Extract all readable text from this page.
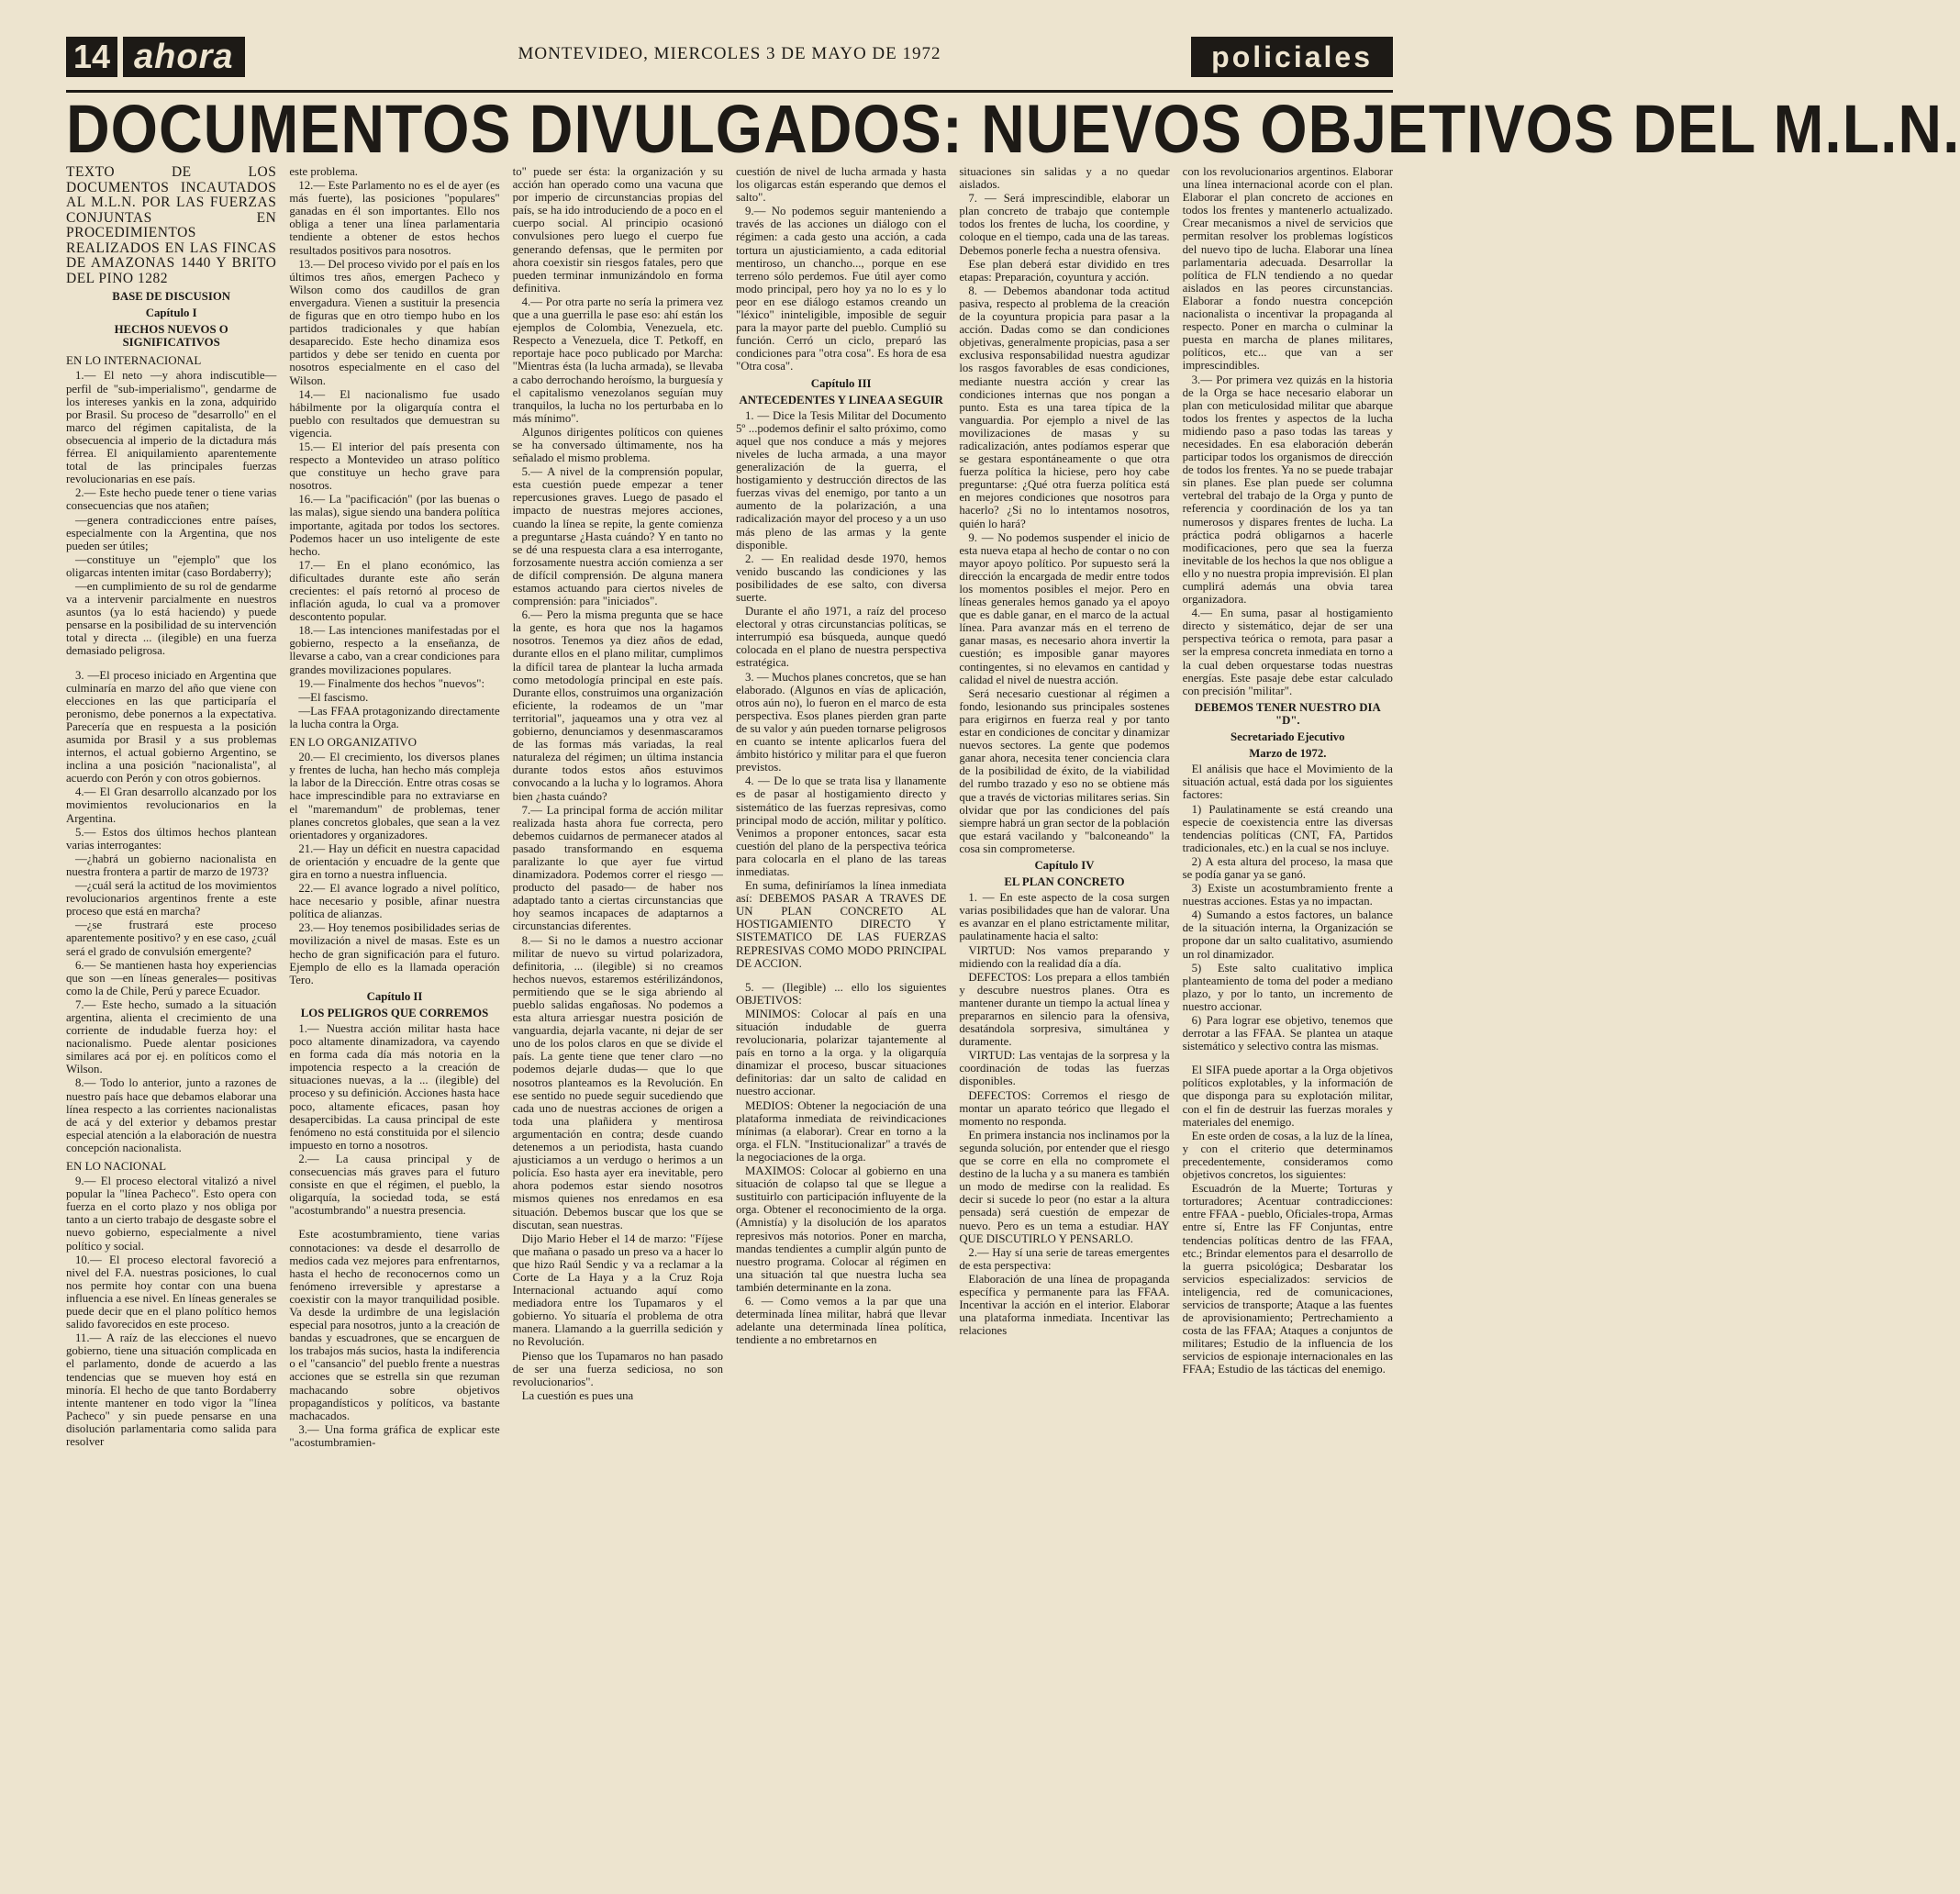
14 ahora	MONTEVIDEO, MIERCOLES 3 DE MAYO DE 1972	policiales
DOCUMENTOS DIVULGADOS: NUEVOS OBJETIVOS DEL M.L.N.

TEXTO DE LOS DOCUMENTOS INCAUTADOS AL M.L.N. POR LAS FUERZAS CONJUNTAS EN PROCEDIMIENTOS REALIZADOS EN LAS FINCAS DE AMAZONAS 1440 Y BRITO DEL PINO 1282

BASE DE DISCUSION

Capítulo I

HECHOS NUEVOS O SIGNIFICATIVOS

EN LO INTERNACIONAL

1.— El neto —y ahora indiscutible— perfil de "sub-imperialismo", gendarme de los intereses yankis en la zona, adquirido por Brasil. Su proceso de "desarrollo" en el marco del régimen capitalista, de la obsecuencia al imperio de la dictadura más férrea. El aniquilamiento aparentemente total de las principales fuerzas revolucionarias en ese país.

2.— Este hecho puede tener o tiene varias consecuencias que nos atañen;

—genera contradicciones entre países, especialmente con la Argentina, que nos pueden ser útiles;

—constituye un "ejemplo" que los oligarcas intenten imitar (caso Bordaberry);

—en cumplimiento de su rol de gendarme va a intervenir parcialmente en nuestros asuntos (ya lo está haciendo) y puede pensarse en la posibilidad de su intervención total y directa ... (ilegible) en una fuerza demasiado peligrosa.

3. —El proceso iniciado en Argentina que culminaría en marzo del año que viene con elecciones en las que participaría el peronismo, debe ponernos a la expectativa. Parecería que en respuesta a la posición asumida por Brasil y a sus problemas internos, el actual gobierno Argentino, se inclina a una posición "nacionalista", al acuerdo con Perón y con otros gobiernos.

4.— El Gran desarrollo alcanzado por los movimientos revolucionarios en la Argentina.

5.— Estos dos últimos hechos plantean varias interrogantes:

—¿habrá un gobierno nacionalista en nuestra frontera a partir de marzo de 1973?

—¿cuál será la actitud de los movimientos revolucionarios argentinos frente a este proceso que está en marcha?

—¿se frustrará este proceso aparentemente positivo? y en ese caso, ¿cuál será el grado de convulsión emergente?

6.— Se mantienen hasta hoy experiencias que son —en líneas generales— positivas como la de Chile, Perú y parece Ecuador.

7.— Este hecho, sumado a la situación argentina, alienta el crecimiento de una corriente de indudable fuerza hoy: el nacionalismo. Puede alentar posiciones similares acá por ej. en políticos como el Wilson.

8.— Todo lo anterior, junto a razones de nuestro país hace que debamos elaborar una línea respecto a las corrientes nacionalistas de acá y del exterior y debamos prestar especial atención a la elaboración de nuestra concepción nacionalista.

EN LO NACIONAL

9.— El proceso electoral vitalizó a nivel popular la "línea Pacheco". Esto opera con fuerza en el corto plazo y nos obliga por tanto a un cierto trabajo de desgaste sobre el nuevo gobierno, especialmente a nivel político y social.

10.— El proceso electoral favoreció a nivel del F.A. nuestras posiciones, lo cual nos permite hoy contar con una buena influencia a ese nivel. En líneas generales se puede decir que en el plano político hemos salido favorecidos en este proceso.

11.— A raíz de las elecciones el nuevo gobierno, tiene una situación complicada en el parlamento, donde de acuerdo a las tendencias que se mueven hoy está en minoría. El hecho de que tanto Bordaberry intente mantener en todo vigor la "línea Pacheco" y sin puede pensarse en una disolución parlamentaria como salida para resolver

este problema.

12.— Este Parlamento no es el de ayer (es más fuerte), las posiciones "populares" ganadas en él son importantes. Ello nos obliga a tener una línea parlamentaria tendiente a obtener de estos hechos resultados positivos para nosotros.

13.— Del proceso vivido por el país en los últimos tres años, emergen Pacheco y Wilson como dos caudillos de gran envergadura. Vienen a sustituir la presencia de figuras que en otro tiempo hubo en los partidos tradicionales y que habían desaparecido. Este hecho dinamiza esos partidos y debe ser tenido en cuenta por nosotros especialmente en el caso del Wilson.

14.— El nacionalismo fue usado hábilmente por la oligarquía contra el pueblo con resultados que demuestran su vigencia.

15.— El interior del país presenta con respecto a Montevideo un atraso político que constituye un hecho grave para nosotros.

16.— La "pacificación" (por las buenas o las malas), sigue siendo una bandera política importante, agitada por todos los sectores. Podemos hacer un uso inteligente de este hecho.

17.— En el plano económico, las dificultades durante este año serán crecientes: el país retornó al proceso de inflación aguda, lo cual va a promover descontento popular.

18.— Las intenciones manifestadas por el gobierno, respecto a la enseñanza, de llevarse a cabo, van a crear condiciones para grandes movilizaciones populares.

19.— Finalmente dos hechos "nuevos":

—El fascismo.

—Las FFAA protagonizando directamente la lucha contra la Orga.

EN LO ORGANIZATIVO

20.— El crecimiento, los diversos planes y frentes de lucha, han hecho más compleja la labor de la Dirección. Entre otras cosas se hace imprescindible para no extraviarse en el "maremandum" de problemas, tener planes concretos globales, que sean a la vez orientadores y organizadores.

21.— Hay un déficit en nuestra capacidad de orientación y encuadre de la gente que gira en torno a nuestra influencia.

22.— El avance logrado a nivel político, hace necesario y posible, afinar nuestra política de alianzas.

23.— Hoy tenemos posibilidades serias de movilización a nivel de masas. Este es un hecho de gran significación para el futuro. Ejemplo de ello es la llamada operación Tero.

Capítulo II

LOS PELIGROS QUE CORREMOS

1.— Nuestra acción militar hasta hace poco altamente dinamizadora, va cayendo en forma cada día más notoria en la impotencia respecto a la creación de situaciones nuevas, a la ... (ilegible) del proceso y su definición. Acciones hasta hace poco, altamente eficaces, pasan hoy desapercibidas. La causa principal de este fenómeno no está constituida por el silencio impuesto en torno a nosotros.

2.— La causa principal y de consecuencias más graves para el futuro consiste en que el régimen, el pueblo, la oligarquía, la sociedad toda, se está "acostumbrando" a nuestra presencia.

Este acostumbramiento, tiene varias connotaciones: va desde el desarrollo de medios cada vez mejores para enfrentarnos, hasta el hecho de reconocernos como un fenómeno irreversible y aprestarse a coexistir con la mayor tranquilidad posible. Va desde la urdimbre de una legislación especial para nosotros, junto a la creación de bandas y escuadrones, que se encarguen de los trabajos más sucios, hasta la indiferencia o el "cansancio" del pueblo frente a nuestras acciones que se estrella sin que rezuman machacando sobre objetivos propagandísticos y políticos, va bastante machacados.

3.— Una forma gráfica de explicar este "acostumbramien-

to" puede ser ésta: la organización y su acción han operado como una vacuna que por imperio de circunstancias propias del país, se ha ido introduciendo de a poco en el cuerpo social. Al principio ocasionó convulsiones pero luego el cuerpo fue generando defensas, que le permiten por ahora coexistir sin riesgos fatales, pero que pueden terminar inmunizándolo en forma definitiva.

4.— Por otra parte no sería la primera vez que a una guerrilla le pase eso: ahí están los ejemplos de Colombia, Venezuela, etc. Respecto a Venezuela, dice T. Petkoff, en reportaje hace poco publicado por Marcha: "Mientras ésta (la lucha armada), se llevaba a cabo derrochando heroísmo, la burguesía y el capitalismo venezolanos seguían muy tranquilos, la lucha no los perturbaba en lo más mínimo".

Algunos dirigentes políticos con quienes se ha conversado últimamente, nos ha señalado el mismo problema.

5.— A nivel de la comprensión popular, esta cuestión puede empezar a tener repercusiones graves. Luego de pasado el impacto de nuestras mejores acciones, cuando la línea se repite, la gente comienza a preguntarse ¿Hasta cuándo? Y en tanto no se dé una respuesta clara a esa interrogante, forzosamente nuestra acción comienza a ser de difícil comprensión. De alguna manera estamos actuando para ciertos niveles de comprensión: para "iniciados".

6.— Pero la misma pregunta que se hace la gente, es hora que nos la hagamos nosotros. Tenemos ya diez años de edad, durante ellos en el plano militar, cumplimos la difícil tarea de plantear la lucha armada como metodología principal en este país. Durante ellos, construimos una organización eficiente, la rodeamos de un "mar territorial", jaqueamos una y otra vez al gobierno, denunciamos y desenmascaramos de las formas más variadas, la real naturaleza del régimen; un última instancia durante todos estos años estuvimos convocando a la lucha y lo logramos. Ahora bien ¿hasta cuándo?

7.— La principal forma de acción militar realizada hasta ahora fue correcta, pero debemos cuidarnos de permanecer atados al pasado transformando en esquema paralizante lo que ayer fue virtud dinamizadora. Podemos correr el riesgo —producto del pasado— de haber nos adaptado tanto a ciertas circunstancias que hoy seamos incapaces de adaptarnos a circunstancias diferentes.

8.— Si no le damos a nuestro accionar militar de nuevo su virtud polarizadora, definitoria, ... (ilegible) si no creamos hechos nuevos, estaremos estérilizándonos, permitiendo que se le siga abriendo al pueblo salidas engañosas. No podemos a esta altura arriesgar nuestra posición de vanguardia, dejarla vacante, ni dejar de ser uno de los polos claros en que se divide el país. La gente tiene que tener claro —no podemos dejarle dudas— que lo que nosotros planteamos es la Revolución. En ese sentido no puede seguir sucediendo que cada uno de nuestras acciones de origen a toda una plañidera y mentirosa argumentación en contra; desde cuando detenemos a un periodista, hasta cuando ajusticiamos a un verdugo o herimos a un policía. Eso hasta ayer era inevitable, pero ahora podemos estar siendo nosotros mismos quienes nos enredamos en esa situación. Debemos buscar que los que se discutan, sean nuestras.

Dijo Mario Heber el 14 de marzo: "Fíjese que mañana o pasado un preso va a hacer lo que hizo Raúl Sendic y va a reclamar a la Corte de La Haya y a la Cruz Roja Internacional actuando aquí como mediadora entre los Tupamaros y el gobierno. Yo situaría el problema de otra manera. Llamando a la guerrilla sedición y no Revolución.

Pienso que los Tupamaros no han pasado de ser una fuerza sediciosa, no son revolucionarios".

La cuestión es pues una

cuestión de nivel de lucha armada y hasta los oligarcas están esperando que demos el salto".

9.— No podemos seguir manteniendo a través de las acciones un diálogo con el régimen: a cada gesto una acción, a cada tortura un ajusticiamiento, a cada editorial mentiroso, un chancho..., porque en ese terreno sólo perdemos. Fue útil ayer como modo principal, pero hoy ya no lo es y lo peor en ese diálogo estamos creando un "léxico" ininteligible, imposible de seguir para la mayor parte del pueblo. Cumplió su función. Cerró un ciclo, preparó las condiciones para "otra cosa". Es hora de esa "Otra cosa".

Capítulo III

ANTECEDENTES Y LINEA A SEGUIR

1. — Dice la Tesis Militar del Documento 5º ...podemos definir el salto próximo, como aquel que nos conduce a más y mejores niveles de lucha armada, a una mayor generalización de la guerra, el hostigamiento y destrucción directos de las fuerzas vivas del enemigo, por tanto a un aumento de la polarización, a una radicalización mayor del proceso y a un uso más pleno de las armas y la gente disponible.

2. — En realidad desde 1970, hemos venido buscando las condiciones y las posibilidades de ese salto, con diversa suerte.

Durante el año 1971, a raíz del proceso electoral y otras circunstancias políticas, se interrumpió esa búsqueda, aunque quedó colocada en el plano de nuestra perspectiva estratégica.

3. — Muchos planes concretos, que se han elaborado. (Algunos en vías de aplicación, otros aún no), lo fueron en el marco de esta perspectiva. Esos planes pierden gran parte de su valor y aún pueden tornarse peligrosos en cuanto se intente aplicarlos fuera del ámbito histórico y militar para el que fueron previstos.

4. — De lo que se trata lisa y llanamente es de pasar al hostigamiento directo y sistemático de las fuerzas represivas, como principal modo de acción, militar y político. Venimos a proponer entonces, sacar esta cuestión del plano de la perspectiva teórica para colocarla en el plano de las tareas inmediatas.

En suma, definiríamos la línea inmediata así: DEBEMOS PASAR A TRAVES DE UN PLAN CONCRETO AL HOSTIGAMIENTO DIRECTO Y SISTEMATICO DE LAS FUERZAS REPRESIVAS COMO MODO PRINCIPAL DE ACCION.

5. — (Ilegible) ... ello los siguientes OBJETIVOS:

MINIMOS: Colocar al país en una situación indudable de guerra revolucionaria, polarizar tajantemente al país en torno a la orga. y la oligarquía dinamizar el proceso, buscar situaciones definitorias: dar un salto de calidad en nuestro accionar.

MEDIOS: Obtener la negociación de una plataforma inmediata de reivindicaciones mínimas (a elaborar). Crear en torno a la orga. el FLN. "Institucionalizar" a través de la negociaciones de la orga.

MAXIMOS: Colocar al gobierno en una situación de colapso tal que se llegue a sustituirlo con participación influyente de la orga. Obtener el reconocimiento de la orga. (Amnistía) y la disolución de los aparatos represivos más notorios. Poner en marcha, mandas tendientes a cumplir algún punto de nuestro programa. Colocar al régimen en una situación tal que nuestra lucha sea también determinante en la zona.

6. — Como vemos a la par que una determinada línea militar, habrá que llevar adelante una determinada línea política, tendiente a no embretarnos en

situaciones sin salidas y a no quedar aislados.

7. — Será imprescindible, elaborar un plan concreto de trabajo que contemple todos los frentes de lucha, los coordine, y coloque en el tiempo, cada una de las tareas. Debemos ponerle fecha a nuestra ofensiva.

Ese plan deberá estar dividido en tres etapas: Preparación, coyuntura y acción.

8. — Debemos abandonar toda actitud pasiva, respecto al problema de la creación de la coyuntura propicia para pasar a la acción. Dadas como se dan condiciones objetivas, generalmente propicias, pasa a ser exclusiva responsabilidad nuestra agudizar los rasgos favorables de esas condiciones, mediante nuestra acción y crear las condiciones internas que nos pongan a punto. Esta es una tarea típica de la vanguardia. Por ejemplo a nivel de las movilizaciones de masas y su radicalización, antes podíamos esperar que se gestara espontáneamente o que otra fuerza política la hiciese, pero hoy cabe preguntarse: ¿Qué otra fuerza política está en mejores condiciones que nosotros para hacerlo? ¿Si no lo intentamos nosotros, quién lo hará?

9. — No podemos suspender el inicio de esta nueva etapa al hecho de contar o no con mayor apoyo político. Por supuesto será la dirección la encargada de medir entre todos los momentos posibles el mejor. Pero en líneas generales hemos ganado ya el apoyo que es dable ganar, en el marco de la actual línea. Para avanzar más en el terreno de ganar masas, es necesario ahora invertir la cuestión; es imposible ganar mayores contingentes, si no elevamos en cantidad y calidad el nivel de nuestra acción.

Será necesario cuestionar al régimen a fondo, lesionando sus principales sostenes para erigirnos en fuerza real y por tanto estar en condiciones de concitar y dinamizar nuevos sectores. La gente que podemos ganar ahora, necesita tener conciencia clara de la posibilidad de éxito, de la viabilidad del rumbo trazado y eso no se obtiene más que a través de victorias militares serias. Sin olvidar que por las condiciones del país siempre habrá un gran sector de la población que estará vacilando y "balconeando" la cosa sin comprometerse.

Capítulo IV

EL PLAN CONCRETO

1. — En este aspecto de la cosa surgen varias posibilidades que han de valorar. Una es avanzar en el plano estrictamente militar, paulatinamente hacia el salto:

VIRTUD: Nos vamos preparando y midiendo con la realidad día a día.

DEFECTOS: Los prepara a ellos también y descubre nuestros planes. Otra es mantener durante un tiempo la actual línea y prepararnos en silencio para la ofensiva, desatándola sorpresiva, simultánea y duramente.

VIRTUD: Las ventajas de la sorpresa y la coordinación de todas las fuerzas disponibles.

DEFECTOS: Corremos el riesgo de montar un aparato teórico que llegado el momento no responda.

En primera instancia nos inclinamos por la segunda solución, por entender que el riesgo que se corre en ella no compromete el destino de la lucha y a su manera es también un modo de medirse con la realidad. Es decir si sucede lo peor (no estar a la altura pensada) será cuestión de empezar de nuevo. Pero es un tema a estudiar. HAY QUE DISCUTIRLO Y PENSARLO.

2.— Hay sí una serie de tareas emergentes de esta perspectiva:

Elaboración de una línea de propaganda específica y permanente para las FFAA. Incentivar la acción en el interior. Elaborar una plataforma inmediata. Incentivar las relaciones

con los revolucionarios argentinos. Elaborar una línea internacional acorde con el plan. Elaborar el plan concreto de acciones en todos los frentes y mantenerlo actualizado. Crear mecanismos a nivel de servicios que permitan resolver los problemas logísticos del nuevo tipo de lucha. Elaborar una línea parlamentaria adecuada. Desarrollar la política de FLN tendiendo a no quedar aislados en las peores circunstancias. Elaborar a fondo nuestra concepción nacionalista o incentivar la propaganda al respecto. Poner en marcha o culminar la puesta en marcha de planes militares, políticos, etc... que van a ser imprescindibles.

3.— Por primera vez quizás en la historia de la Orga se hace necesario elaborar un plan con meticulosidad militar que abarque todos los frentes y aspectos de la lucha midiendo paso a paso todas las tareas y necesidades. En esa elaboración deberán participar todos los organismos de dirección de todos los frentes. Ya no se puede trabajar sin planes. Ese plan puede ser columna vertebral del trabajo de la Orga y punto de referencia y coordinación de los ya tan numerosos y dispares frentes de lucha. La práctica podrá obligarnos a hacerle modificaciones, pero que sea la fuerza inevitable de los hechos la que nos obligue a ello y no nuestra propia imprevisión. El plan cumplirá además una obvia tarea organizadora.

4.— En suma, pasar al hostigamiento directo y sistemático, dejar de ser una perspectiva teórica o remota, para pasar a ser la empresa concreta inmediata en torno a la cual deben orquestarse todas nuestras energías. Este pasaje debe estar calculado con precisión "militar".

DEBEMOS TENER NUESTRO DIA "D".

Secretariado Ejecutivo

Marzo de 1972.

El análisis que hace el Movimiento de la situación actual, está dada por los siguientes factores:

1) Paulatinamente se está creando una especie de coexistencia entre las diversas tendencias políticas (CNT, FA, Partidos tradicionales, etc.) en la cual se nos incluye.

2) A esta altura del proceso, la masa que se podía ganar ya se ganó.

3) Existe un acostumbramiento frente a nuestras acciones. Estas ya no impactan.

4) Sumando a estos factores, un balance de la situación interna, la Organización se propone dar un salto cualitativo, asumiendo un rol dinamizador.

5) Este salto cualitativo implica planteamiento de toma del poder a mediano plazo, y por lo tanto, un incremento de nuestro accionar.

6) Para lograr ese objetivo, tenemos que derrotar a las FFAA. Se plantea un ataque sistemático y selectivo contra las mismas.

El SIFA puede aportar a la Orga objetivos políticos explotables, y la información de que disponga para su explotación militar, con el fin de destruir las fuerzas morales y materiales del enemigo.

En este orden de cosas, a la luz de la línea, y con el criterio que determinamos precedentemente, consideramos como objetivos concretos, los siguientes:

Escuadrón de la Muerte; Torturas y torturadores; Acentuar contradicciones: entre FFAA - pueblo, Oficiales-tropa, Armas entre sí, Entre las FF Conjuntas, entre tendencias políticas dentro de las FFAA, etc.; Brindar elementos para el desarrollo de la guerra psicológica; Desbaratar los servicios especializados: servicios de inteligencia, red de comunicaciones, servicios de transporte; Ataque a las fuentes de aprovisionamiento; Pertrechamiento a costa de las FFAA; Ataques a conjuntos de militares; Estudio de la influencia de los servicios de espionaje internacionales en las FFAA; Estudio de las tácticas del enemigo.
